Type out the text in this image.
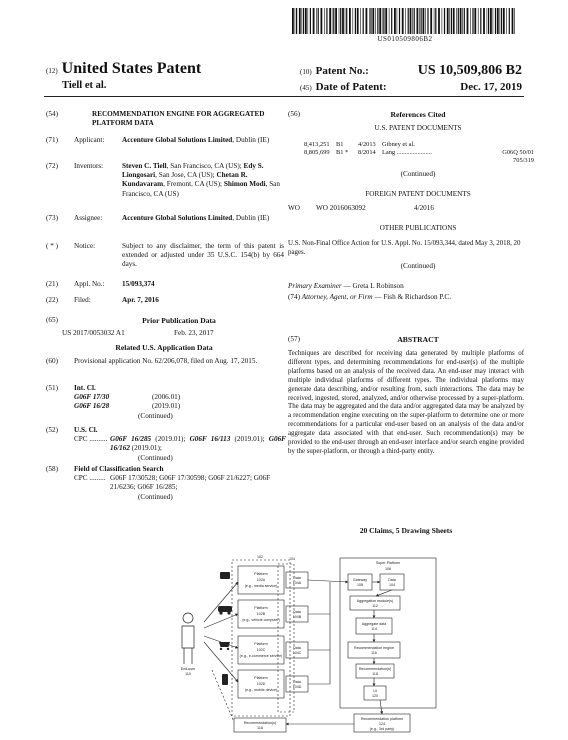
US010509806B2
(12) United States Patent
Tiell et al.
(10) Patent No.:	US 10,509,806 B2
(45) Date of Patent:	Dec. 17, 2019
(54)	RECOMMENDATION ENGINE FOR AGGREGATED PLATFORM DATA
(71)	Applicant:	Accenture Global Solutions Limited, Dublin (IE)
(72)	Inventors:	Steven C. Tiell, San Francisco, CA (US); Edy S. Liongosari, San Jose, CA (US); Chetan R. Kundavaram, Fremont, CA (US); Shimon Modi, San Francisco, CA (US)
(73)	Assignee:	Accenture Global Solutions Limited, Dublin (IE)
( * )	Notice:	Subject to any disclaimer, the term of this patent is extended or adjusted under 35 U.S.C. 154(b) by 664 days.
(21)	Appl. No.:	15/093,374
(22)	Filed:	Apr. 7, 2016
(65)	Prior Publication Data
US 2017/0053032 A1	Feb. 23, 2017
Related U.S. Application Data
(60)	Provisional application No. 62/206,078, filed on Aug. 17, 2015.
(51)	Int. Cl.
G06F 17/30	(2006.01)
G06F 16/28	(2019.01)
(Continued)
(52)	U.S. Cl.
CPC .......... G06F 16/285 (2019.01); G06F 16/113 (2019.01); G06F 16/162 (2019.01);
(Continued)
(58)	Field of Classification Search
CPC ......... G06F 17/30528; G06F 17/30598; G06F 21/6227; G06F 21/6236; G06F 16/285;
(Continued)
(56)	References Cited
U.S. PATENT DOCUMENTS
8,413,251	B1	4/2013 Gibney et al.
8,805,699	B1 *	8/2014 Lang ......................	G06Q 50/01
705/319
(Continued)
FOREIGN PATENT DOCUMENTS
WO WO 2016063092	4/2016
OTHER PUBLICATIONS
U.S. Non-Final Office Action for U.S. Appl. No. 15/093,344, dated May 3, 2018, 20 pages.
(Continued)
Primary Examiner — Greta L Robinson
(74) Attorney, Agent, or Firm — Fish & Richardson P.C.
(57)	ABSTRACT
Techniques are described for receiving data generated by multiple platforms of different types, and determining recommendations for end-user(s) of the multiple platforms based on an analysis of the received data. An end-user may interact with multiple individual platforms of different types. The individual platforms may generate data describing, and/or resulting from, such interactions. The data may be received, ingested, stored, analyzed, and/or otherwise processed by a super-platform. The data may be aggregated and the data and/or aggregated data may be analyzed by a recommendation engine executing on the super-platform to determine one or more recommendations for a particular end-user based on an analysis of the data and/or aggregate data associated with that end-user. Such recommendation(s) may be provided to the end-user through an end-user interface and/or search engine provided by the super-platform, or through a third-party entity.
20 Claims, 5 Drawing Sheets
102	104
Platform
102A
(e.g., media service)
Platform
102B
(e.g., vehicle computer)
Platform
102C
(e.g., e-commerce service)
Platform
102D
(e.g., mobile device)
Data
104A
Data
104B
Data
104C
Data
104D
End-user
110
Super-Platform
106
Gateway
108
Data
104
Aggregation module(s)
112
Aggregate data
114
Recommendation engine
116
Recommendation(s)
118
UI
120
Recommendation(s)
118
Recommendation platform
124
(e.g., 3rd party)
